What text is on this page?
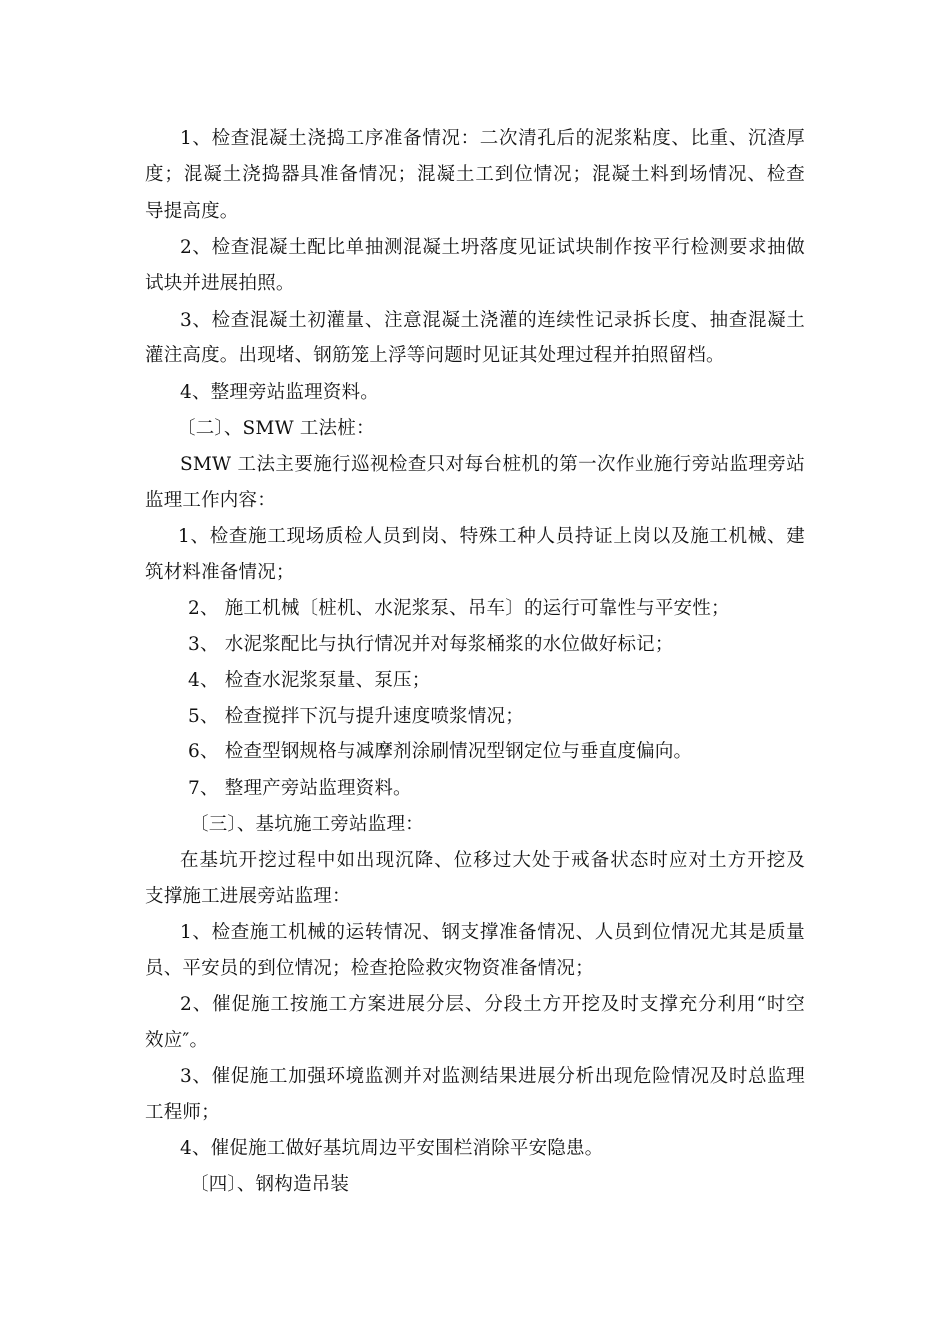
1、检查混凝土浇捣工序准备情况：二次清孔后的泥浆粘度、比重、沉渣厚
度；混凝土浇捣器具准备情况；混凝土工到位情况；混凝土料到场情况、检查
导提高度。
2、检查混凝土配比单抽测混凝土坍落度见证试块制作按平行检测要求抽做
试块并进展拍照。
3、检查混凝土初灌量、注意混凝土浇灌的连续性记录拆长度、抽查混凝土
灌注高度。出现堵、钢筋笼上浮等问题时见证其处理过程并拍照留档。
4、整理旁站监理资料。
〔二〕、SMW 工法桩：
SMW 工法主要施行巡视检查只对每台桩机的第一次作业施行旁站监理旁站
监理工作内容：
1、检查施工现场质检人员到岗、特殊工种人员持证上岗以及施工机械、建
筑材料准备情况；
2、 施工机械〔桩机、水泥浆泵、吊车〕的运行可靠性与平安性；
3、 水泥浆配比与执行情况并对每浆桶浆的水位做好标记；
4、 检查水泥浆泵量、泵压；
5、 检查搅拌下沉与提升速度喷浆情况；
6、 检查型钢规格与减摩剂涂刷情况型钢定位与垂直度偏向。
7、 整理产旁站监理资料。
〔三〕、基坑施工旁站监理：
在基坑开挖过程中如出现沉降、位移过大处于戒备状态时应对土方开挖及
支撑施工进展旁站监理：
1、检查施工机械的运转情况、钢支撑准备情况、人员到位情况尤其是质量
员、平安员的到位情况；检查抢险救灾物资准备情况；
2、催促施工按施工方案进展分层、分段土方开挖及时支撑充分利用“时空
效应″。
3、催促施工加强环境监测并对监测结果进展分析出现危险情况及时总监理
工程师；
4、催促施工做好基坑周边平安围栏消除平安隐患。
〔四〕、钢构造吊装
